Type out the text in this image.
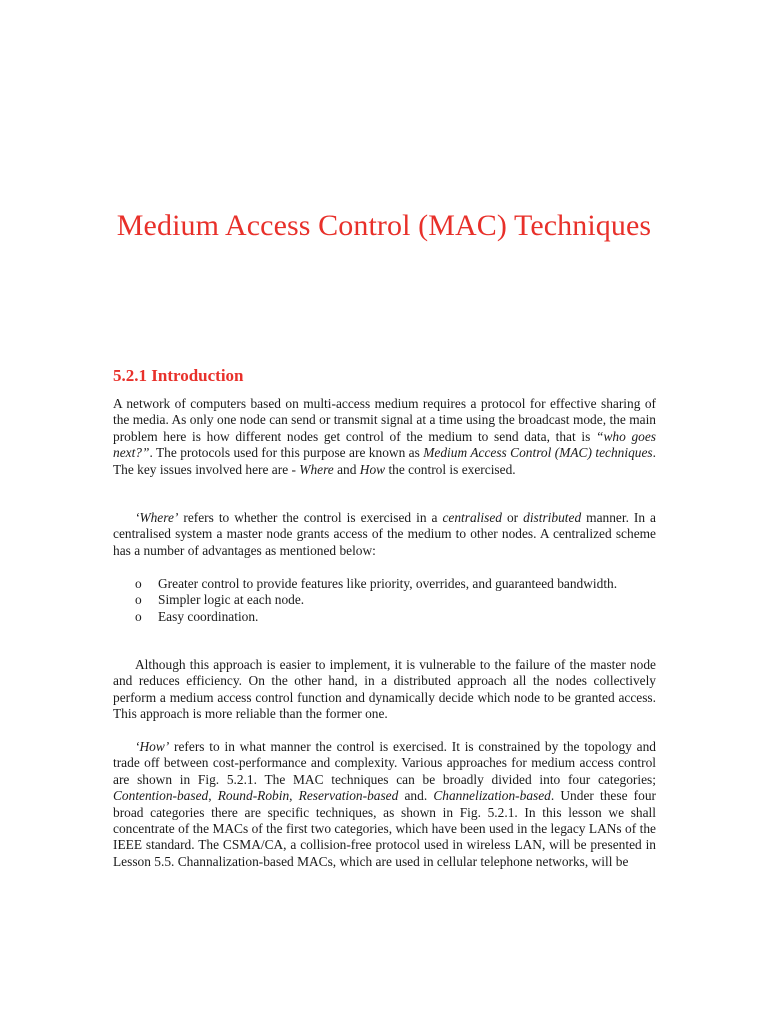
Medium Access Control (MAC) Techniques
5.2.1 Introduction

A network of computers based on multi-access medium requires a protocol for effective sharing of the media. As only one node can send or transmit signal at a time using the broadcast mode, the main problem here is how different nodes get control of the medium to send data, that is “who goes next?”. The protocols used for this purpose are known as Medium Access Control (MAC) techniques. The key issues involved here are - Where and How the control is exercised.

‘Where’ refers to whether the control is exercised in a centralised or distributed manner. In a centralised system a master node grants access of the medium to other nodes. A centralized scheme has a number of advantages as mentioned below:

o Greater control to provide features like priority, overrides, and guaranteed bandwidth.
o Simpler logic at each node.
o Easy coordination.

Although this approach is easier to implement, it is vulnerable to the failure of the master node and reduces efficiency. On the other hand, in a distributed approach all the nodes collectively perform a medium access control function and dynamically decide which node to be granted access. This approach is more reliable than the former one.

‘How’ refers to in what manner the control is exercised. It is constrained by the topology and trade off between cost-performance and complexity. Various approaches for medium access control are shown in Fig. 5.2.1. The MAC techniques can be broadly divided into four categories; Contention-based, Round-Robin, Reservation-based and. Channelization-based. Under these four broad categories there are specific techniques, as shown in Fig. 5.2.1. In this lesson we shall concentrate of the MACs of the first two categories, which have been used in the legacy LANs of the IEEE standard. The CSMA/CA, a collision-free protocol used in wireless LAN, will be presented in Lesson 5.5. Channalization-based MACs, which are used in cellular telephone networks, will be
